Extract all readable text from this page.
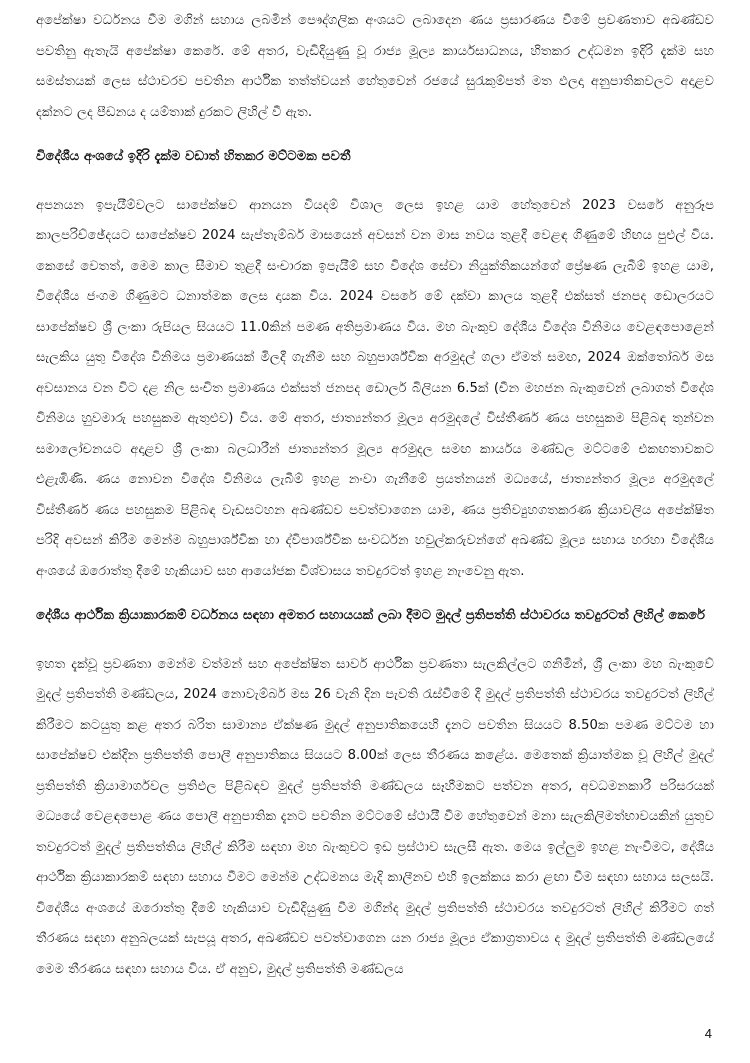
අපේක්ෂා වර්ධනය වීම මගින් සහාය ලබමින් පෞද්ගලික අංශයට ලබාදෙන ණය ප්‍රසාරණය වීමේ ප්‍රවණතාව අඛණ්ඩව පවතිනු ඇතැයි අපේක්ෂා කෙරේ. මේ අතර, වැඩිදියුණු වූ රාජ්‍ය මූල්‍ය කාර්යසාධනය, හිතකර උද්ධමන ඉදිරි දැක්ම සහ සමස්තයක් ලෙස ස්ථාවරව පවතින ආර්ථික තත්ත්වයන් හේතුවෙන් රජයේ සුරැකුම්පත් මත ඵලදා අනුපාතිකවලට අදාළව දක්නට ලද පීඩනය ද යම්තාක් දුරකට ලිහිල් වී ඇත.

විදේශීය අංශයේ ඉදිරි දැක්ම වඩාත් හිතකර මට්ටමක පවතී

අපනයන ඉපැයීම්වලට සාපේක්ෂව ආනයන වියදම් විශාල ලෙස ඉහළ යාම හේතුවෙන් 2023 වසරේ අනුරූප කාලපරිච්ඡේදයට සාපේක්ෂව 2024 සැප්තැම්බර් මාසයෙන් අවසන් වන මාස නවය තුළදී වෙළඳ ගිණුමේ හිඟය පුළුල් විය. කෙසේ වෙතත්, මෙම කාල සීමාව තුළදී සංචාරක ඉපැයීම් සහ විදේශ සේවා නියුක්තිකයන්ගේ ප්‍රේෂණ ලැබීම් ඉහළ යාම, විදේශීය ජංගම ගිණුමට ධනාත්මක ලෙස දායක විය. 2024 වසරේ මේ දක්වා කාලය තුළදී එක්සත් ජනපද ඩොලරයට සාපේක්ෂව ශ්‍රී ලංකා රුපියල සියයට 11.0කින් පමණ අතිප්‍රමාණය විය. මහ බැංකුව දේශීය විදේශ විනිමය වෙළඳපොළෙන් සැලකිය යුතු විදේශ විනිමය ප්‍රමාණයක් මිලදී ගැනීම සහ බහුපාර්ශ්වික අරමුදල් ගලා ඒමත් සමඟ, 2024 ඔක්තෝබර් මස අවසානය වන විට දළ නිල සංචිත ප්‍රමාණය එක්සත් ජනපද ඩොලර් බිලියන 6.5ක් (චීන මහජන බැංකුවෙන් ලබාගත් විදේශ විනිමය හුවමාරු පහසුකම ඇතුළුව) විය. මේ අතර, ජාත්‍යන්තර මූල්‍ය අරමුදලේ විස්තීර්ණ ණය පහසුකම පිළිබඳ තුන්වන සමාලෝචනයට අදාළව ශ්‍රී ලංකා බලධාරීන් ජාත්‍යන්තර මූල්‍ය අරමුදල සමඟ කාර්යය මණ්ඩල මට්ටමේ එකඟතාවකට එළැඹිණි. ණය නොවන විදේශ විනිමය ලැබීම් ඉහළ නංවා ගැනීමේ ප්‍රයත්නයන් මධ්‍යයේ, ජාත්‍යන්තර මූල්‍ය අරමුදලේ විස්තීර්ණ ණය පහසුකම පිළිබඳ වැඩසටහන අඛණ්ඩව පවත්වාගෙන යාම, ණය ප්‍රතිව්‍යුහගතකරණ ක්‍රියාවලිය අපේක්ෂිත පරිදි අවසන් කිරීම මෙන්ම බහුපාර්ශ්වික හා ද්විපාර්ශ්වික සංවර්ධන හවුල්කරුවන්ගේ අඛණ්ඩ මූල්‍ය සහාය හරහා විදේශීය අංශයේ ඔරොත්තු දීමේ හැකියාව සහ ආයෝජක විශ්වාසය තවදුරටත් ඉහළ නැංවෙනු ඇත.

දේශීය ආර්ථික ක්‍රියාකාරකම් වර්ධනය සඳහා අමතර සහායයක් ලබා දීමට මුදල් ප්‍රතිපත්ති ස්ථාවරය තවදුරටත් ලිහිල් කෙරේ

ඉහත දැක්වූ ප්‍රවණතා මෙන්ම වත්මන් සහ අපේක්ෂිත සාර්ව ආර්ථික ප්‍රවණතා සැලකිල්ලට ගනිමින්, ශ්‍රී ලංකා මහ බැංකුවේ මුදල් ප්‍රතිපත්ති මණ්ඩලය, 2024 නොවැම්බර් මස 26 වැනි දින පැවති රැස්වීමේ දී මුදල් ප්‍රතිපත්ති ස්ථාවරය තවදුරටත් ලිහිල් කිරීමට කටයුතු කළ අතර බරිත සාමාන්‍ය ඒක්ෂණ මුදල් අනුපාතිකයෙහි දැනට පවතින සියයට 8.50ක පමණ මට්ටම හා සාපේක්ෂව එක්දින ප්‍රතිපත්ති පොලී අනුපාතිකය සියයට 8.00ක් ලෙස තීරණය කළේය. මෙතෙක් ක්‍රියාත්මක වූ ලිහිල් මුදල් ප්‍රතිපත්ති ක්‍රියාමාර්ගවල ප්‍රතිඵල පිළිබඳව මුදල් ප්‍රතිපත්ති මණ්ඩලය සෑහීමකට පත්වන අතර, අවධමනකාරී පරිසරයක් මධ්‍යයේ වෙළඳපොළ ණය පොලී අනුපාතික දැනට පවතින මට්ටමේ ස්ථායී වීම හේතුවෙන් මනා සැලකිලිමත්භාවයකින් යුතුව තවදුරටත් මුදල් ප්‍රතිපත්තිය ලිහිල් කිරීම සඳහා මහ බැංකුවට ඉඩ ප්‍රස්ථාව සැලසී ඇත. මෙය ඉල්ලුම ඉහළ නැංවීමට, දේශීය ආර්ථික ක්‍රියාකාරකම් සඳහා සහාය වීමට මෙන්ම උද්ධමනය මැදි කාලීනව එහි ඉලක්කය කරා ළඟා වීම සඳහා සහාය සලසයි. විදේශීය අංශයේ ඔරොත්තු දීමේ හැකියාව වැඩිදියුණු වීම මගින්ද මුදල් ප්‍රතිපත්ති ස්ථාවරය තවදුරටත් ලිහිල් කිරීමට ගත් තීරණය සඳහා අනුබලයක් සැපයූ අතර, අඛණ්ඩව පවත්වාගෙන යන රාජ්‍ය මූල්‍ය ඒකාග්‍රතාවය ද මුදල් ප්‍රතිපත්ති මණ්ඩලයේ මෙම තීරණය සඳහා සහාය විය. ඒ අනුව, මුදල් ප්‍රතිපත්ති මණ්ඩලය

4
